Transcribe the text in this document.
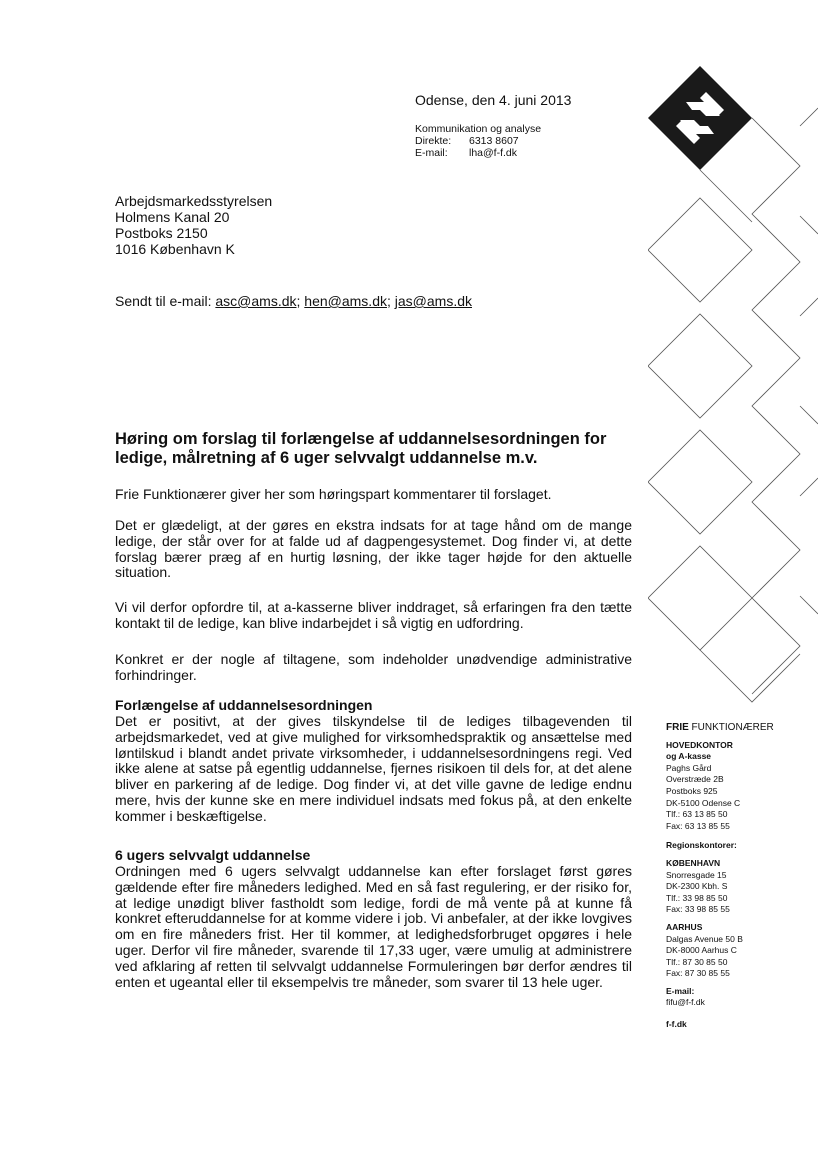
Odense, den 4. juni 2013
Kommunikation og analyse
Direkte:	6313 8607
E-mail:	lha@f-f.dk
Arbejdsmarkedsstyrelsen
Holmens Kanal 20
Postboks 2150
1016 København K
Sendt til e-mail: asc@ams.dk; hen@ams.dk; jas@ams.dk
Høring om forslag til forlængelse af uddannelsesordningen for ledige, målretning af 6 uger selvvalgt uddannelse m.v.
Frie Funktionærer giver her som høringspart kommentarer til forslaget.
Det er glædeligt, at der gøres en ekstra indsats for at tage hånd om de mange ledige, der står over for at falde ud af dagpengesystemet. Dog finder vi, at dette forslag bærer præg af en hurtig løsning, der ikke tager højde for den aktuelle situation.
Vi vil derfor opfordre til, at a-kasserne bliver inddraget, så erfaringen fra den tætte kontakt til de ledige, kan blive indarbejdet i så vigtig en udfordring.
Konkret er der nogle af tiltagene, som indeholder unødvendige administrative forhindringer.
Forlængelse af uddannelsesordningen
Det er positivt, at der gives tilskyndelse til de lediges tilbagevenden til arbejdsmarkedet, ved at give mulighed for virksomhedspraktik og ansættelse med løntilskud i blandt andet private virksomheder, i uddannelsesordningens regi. Ved ikke alene at satse på egentlig uddannelse, fjernes risikoen til dels for, at det alene bliver en parkering af de ledige. Dog finder vi, at det ville gavne de ledige endnu mere, hvis der kunne ske en mere individuel indsats med fokus på, at den enkelte kommer i beskæftigelse.
6 ugers selvvalgt uddannelse
Ordningen med 6 ugers selvvalgt uddannelse kan efter forslaget først gøres gældende efter fire måneders ledighed. Med en så fast regulering, er der risiko for, at ledige unødigt bliver fastholdt som ledige, fordi de må vente på at kunne få konkret efteruddannelse for at komme videre i job. Vi anbefaler, at der ikke lovgives om en fire måneders frist. Her til kommer, at ledighedsforbruget opgøres i hele uger. Derfor vil fire måneder, svarende til 17,33 uger, være umulig at administrere ved afklaring af retten til selvvalgt uddannelse Formuleringen bør derfor ændres til enten et ugeantal eller til eksempelvis tre måneder, som svarer til 13 hele uger.
FRIE FUNKTIONÆRER
HOVEDKONTOR
og A-kasse
Paghs Gård
Overstræde 2B
Postboks 925
DK-5100 Odense C
Tlf.: 63 13 85 50
Fax: 63 13 85 55
Regionskontorer:
KØBENHAVN
Snorresgade 15
DK-2300 Kbh. S
Tlf.: 33 98 85 50
Fax: 33 98 85 55
AARHUS
Dalgas Avenue 50 B
DK-8000 Aarhus C
Tlf.: 87 30 85 50
Fax: 87 30 85 55
E-mail:
fifu@f-f.dk
f-f.dk
